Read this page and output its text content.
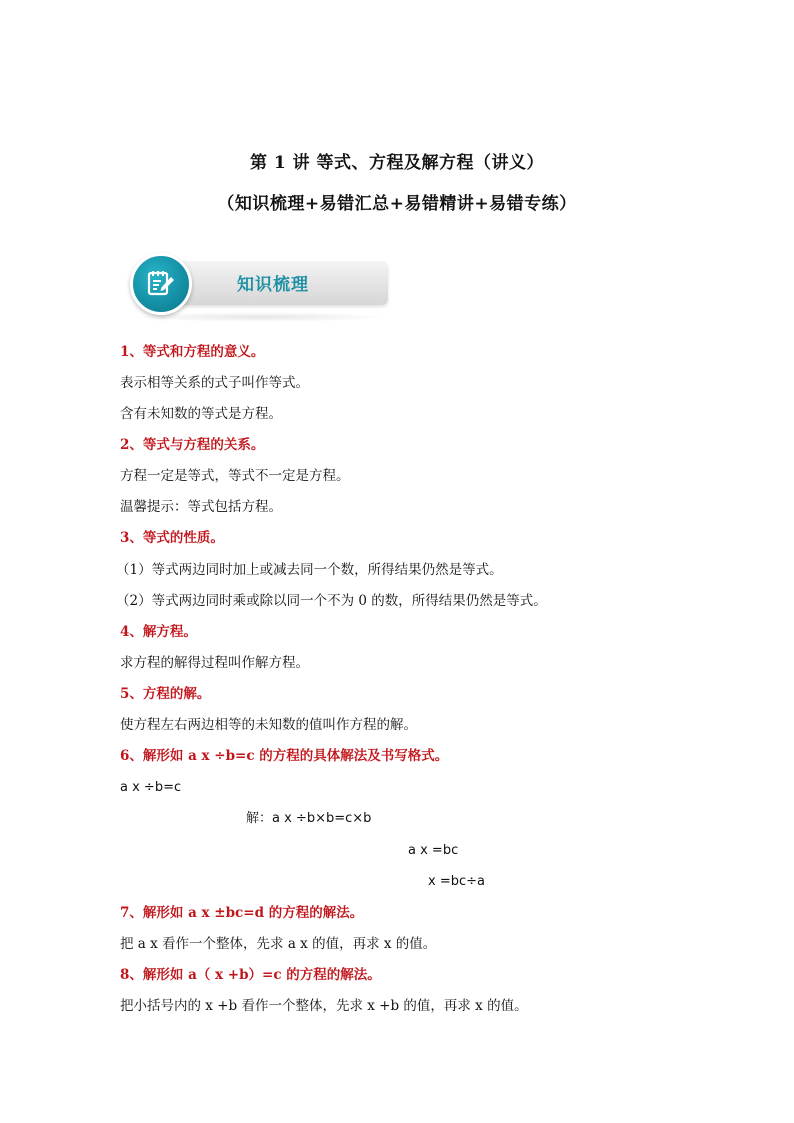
第 1 讲 等式、方程及解方程（讲义）
（知识梳理+易错汇总+易错精讲+易错专练）
知识梳理
1、等式和方程的意义。
表示相等关系的式子叫作等式。
含有未知数的等式是方程。
2、等式与方程的关系。
方程一定是等式，等式不一定是方程。
温馨提示：等式包括方程。
3、等式的性质。
（1）等式两边同时加上或减去同一个数，所得结果仍然是等式。
（2）等式两边同时乘或除以同一个不为 0 的数，所得结果仍然是等式。
4、解方程。
求方程的解得过程叫作解方程。
5、方程的解。
使方程左右两边相等的未知数的值叫作方程的解。
6、解形如 a x ÷b=c 的方程的具体解法及书写格式。
a x ÷b=c
解：a x ÷b×b=c×b
a x =bc
x =bc÷a
7、解形如 a x ±bc=d 的方程的解法。
把 a x 看作一个整体，先求 a x 的值，再求 x 的值。
8、解形如 a（ x +b）=c 的方程的解法。
把小括号内的 x +b 看作一个整体，先求 x +b 的值，再求 x 的值。
